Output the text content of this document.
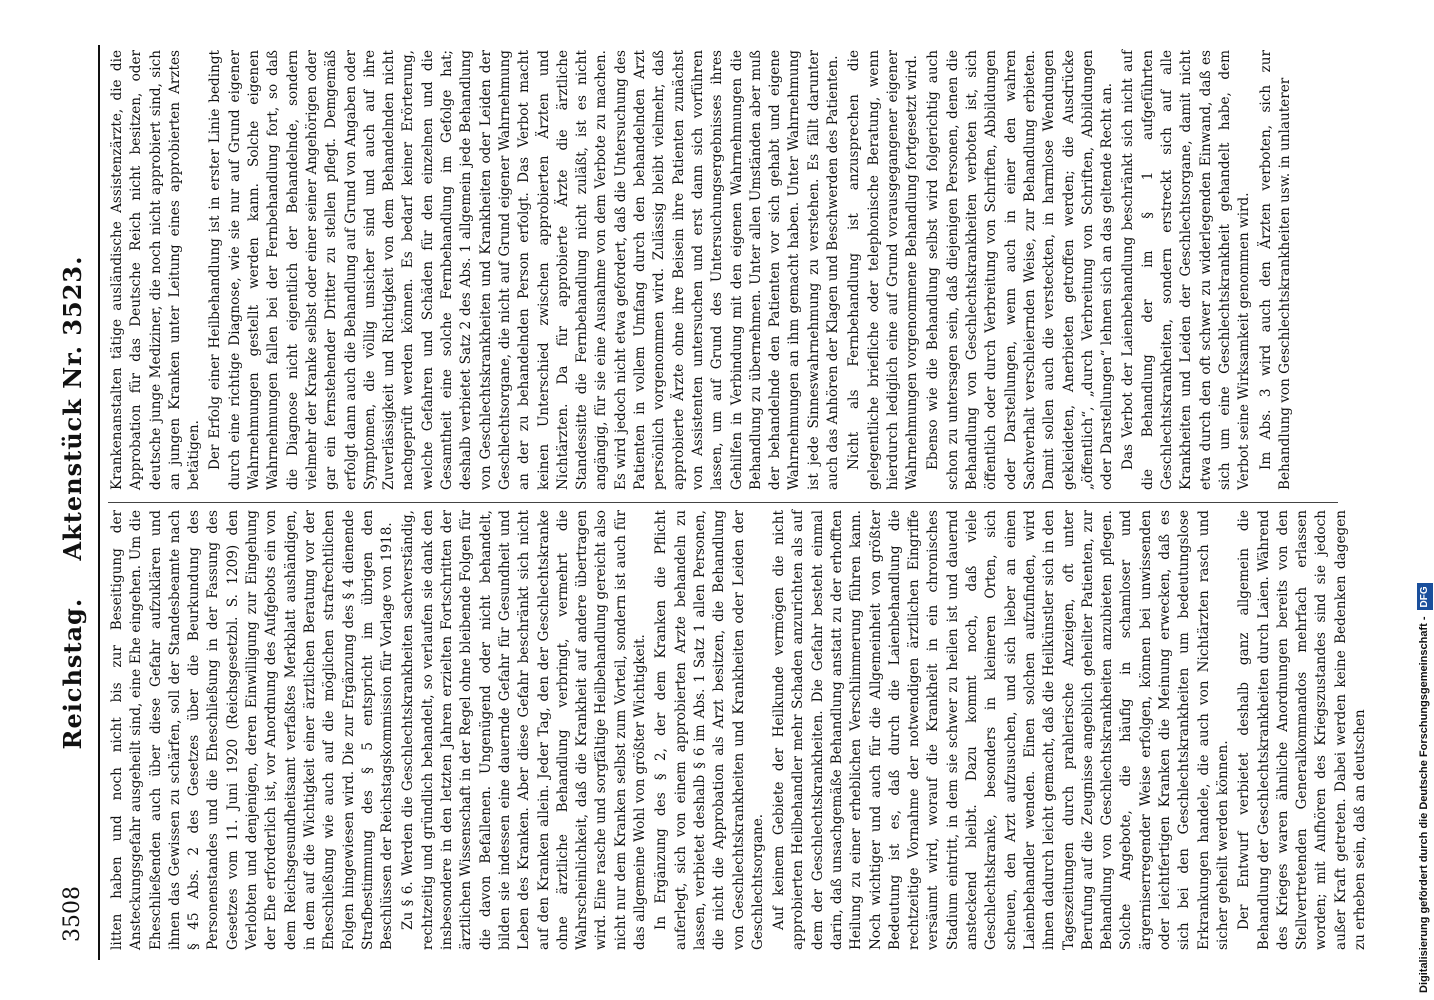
3508
Reichstag. Aktenstück Nr. 3523.

litten haben und noch nicht bis zur Beseitigung der Ansteckungsgefahr ausgeheilt sind, eine Ehe eingehen. Um die Eheschließenden auch über diese Gefahr aufzuklären und ihnen das Gewissen zu schärfen, soll der Standesbeamte nach § 45 Abs. 2 des Gesetzes über die Beurkundung des Personenstandes und die Eheschließung in der Fassung des Gesetzes vom 11. Juni 1920 (Reichsgesetzbl. S. 1209) den Verlobten und denjenigen, deren Einwilligung zur Eingehung der Ehe erforderlich ist, vor Anordnung des Aufgebots ein von dem Reichsgesundheitsamt verfaßtes Merkblatt aushändigen, in dem auf die Wichtigkeit einer ärztlichen Beratung vor der Eheschließung wie auch auf die möglichen strafrechtlichen Folgen hingewiesen wird. Die zur Ergänzung des § 4 dienende Strafbestimmung des § 5 entspricht im übrigen den Beschlüssen der Reichstagskommission für Vorlage von 1918. Zu § 6. Werden die Geschlechtskrankheiten sachverständig, rechtzeitig und gründlich behandelt, so verlaufen sie dank den insbesondere in den letzten Jahren erzielten Fortschritten der ärztlichen Wissenschaft in der Regel ohne bleibende Folgen für die davon Befallenen. Ungenügend oder nicht behandelt, bilden sie indessen eine dauernde Gefahr für Gesundheit und Leben des Kranken. Aber diese Gefahr beschränkt sich nicht auf den Kranken allein. Jeder Tag, den der Geschlechtskranke ohne ärztliche Behandlung verbringt, vermehrt die Wahrscheinlichkeit, daß die Krankheit auf andere übertragen wird. Eine rasche und sorgfältige Heilbehandlung gereicht also nicht nur dem Kranken selbst zum Vorteil, sondern ist auch für das allgemeine Wohl von größter Wichtigkeit. In Ergänzung des § 2, der dem Kranken die Pflicht auferlegt, sich von einem approbierten Arzte behandeln zu lassen, verbietet deshalb § 6 im Abs. 1 Satz 1 allen Personen, die nicht die Approbation als Arzt besitzen, die Behandlung von Geschlechtskrankheiten und Krankheiten oder Leiden der Geschlechtsorgane. Auf keinem Gebiete der Heilkunde vermögen die nicht approbierten Heilbehandler mehr Schaden anzurichten als auf dem der Geschlechtskrankheiten. Die Gefahr besteht einmal darin, daß unsachgemäße Behandlung anstatt zu der erhofften Heilung zu einer erheblichen Verschlimmerung führen kann. Noch wichtiger und auch für die Allgemeinheit von größter Bedeutung ist es, daß durch die Laienbehandlung die rechtzeitige Vornahme der notwendigen ärztlichen Eingriffe versäumt wird, worauf die Krankheit in ein chronisches Stadium eintritt, in dem sie schwer zu heilen ist und dauernd ansteckend bleibt. Dazu kommt noch, daß viele Geschlechtskranke, besonders in kleineren Orten, sich scheuen, den Arzt aufzusuchen, und sich lieber an einen Laienbehandler wenden. Einen solchen aufzufinden, wird ihnen dadurch leicht gemacht, daß die Heilkünstler sich in den Tageszeitungen durch prahlerische Anzeigen, oft unter Berufung auf die Zeugnisse angeblich geheilter Patienten, zur Behandlung von Geschlechtskrankheiten anzubieten pflegen. Solche Angebote, die häufig in schamloser und ärgerniserregender Weise erfolgen, können bei unwissenden oder leichtfertigen Kranken die Meinung erwecken, daß es sich bei den Geschlechtskrankheiten um bedeutungslose Erkrankungen handele, die auch von Nichtärzten rasch und sicher geheilt werden können. Der Entwurf verbietet deshalb ganz allgemein die Behandlung der Geschlechtskrankheiten durch Laien. Während des Krieges waren ähnliche Anordnungen bereits von den Stellvertretenden Generalkommandos mehrfach erlassen worden; mit Aufhören des Kriegszustandes sind sie jedoch außer Kraft getreten. Dabei werden keine Bedenken dagegen zu erheben sein, daß an deutschen

Krankenanstalten tätige ausländische Assistenzärzte, die die Approbation für das Deutsche Reich nicht besitzen, oder deutsche junge Mediziner, die noch nicht approbiert sind, sich an jungen Kranken unter Leitung eines approbierten Arztes betätigen. Der Erfolg einer Heilbehandlung ist in erster Linie bedingt durch eine richtige Diagnose, wie sie nur auf Grund eigener Wahrnehmungen gestellt werden kann. Solche eigenen Wahrnehmungen fallen bei der Fernbehandlung fort, so daß die Diagnose nicht eigentlich der Behandelnde, sondern vielmehr der Kranke selbst oder einer seiner Angehörigen oder gar ein fernstehender Dritter zu stellen pflegt. Demgemäß erfolgt dann auch die Behandlung auf Grund von Angaben oder Symptomen, die völlig unsicher sind und auch auf ihre Zuverlässigkeit und Richtigkeit von dem Behandelnden nicht nachgeprüft werden können. Es bedarf keiner Erörterung, welche Gefahren und Schäden für den einzelnen und die Gesamtheit eine solche Fernbehandlung im Gefolge hat; deshalb verbietet Satz 2 des Abs. 1 allgemein jede Behandlung von Geschlechtskrankheiten und Krankheiten oder Leiden der Geschlechtsorgane, die nicht auf Grund eigener Wahrnehmung an der zu behandelnden Person erfolgt. Das Verbot macht keinen Unterschied zwischen approbierten Ärzten und Nichtärzten. Da für approbierte Ärzte die ärztliche Standessitte die Fernbehandlung nicht zuläßt, ist es nicht angängig, für sie eine Ausnahme von dem Verbote zu machen. Es wird jedoch nicht etwa gefordert, daß die Untersuchung des Patienten in vollem Umfang durch den behandelnden Arzt persönlich vorgenommen wird. Zulässig bleibt vielmehr, daß approbierte Ärzte ohne ihre Beisein ihre Patienten zunächst von Assistenten untersuchen und erst dann sich vorführen lassen, um auf Grund des Untersuchungsergebnisses ihres Gehilfen in Verbindung mit den eigenen Wahrnehmungen die Behandlung zu übernehmen. Unter allen Umständen aber muß der behandelnde den Patienten vor sich gehabt und eigene Wahrnehmungen an ihm gemacht haben. Unter Wahrnehmung ist jede Sinneswahrnehmung zu verstehen. Es fällt darunter auch das Anhören der Klagen und Beschwerden des Patienten. Nicht als Fernbehandlung ist anzusprechen die gelegentliche briefliche oder telephonische Beratung, wenn hierdurch lediglich eine auf Grund vorausgegangener eigener Wahrnehmungen vorgenommene Behandlung fortgesetzt wird. Ebenso wie die Behandlung selbst wird folgerichtig auch schon zu untersagen sein, daß diejenigen Personen, denen die Behandlung von Geschlechtskrankheiten verboten ist, sich öffentlich oder durch Verbreitung von Schriften, Abbildungen oder Darstellungen, wenn auch in einer den wahren Sachverhalt verschleiernden Weise, zur Behandlung erbieten. Damit sollen auch die versteckten, in harmlose Wendungen gekleideten, Anerbieten getroffen werden; die Ausdrücke „öffentlich“, „durch Verbreitung von Schriften, Abbildungen oder Darstellungen“ lehnen sich an das geltende Recht an. Das Verbot der Laienbehandlung beschränkt sich nicht auf die Behandlung der im § 1 aufgeführten Geschlechtskrankheiten, sondern erstreckt sich auf alle Krankheiten und Leiden der Geschlechtsorgane, damit nicht etwa durch den oft schwer zu widerlegenden Einwand, daß es sich um eine Geschlechtskrankheit gehandelt habe, dem Verbot seine Wirksamkeit genommen wird. Im Abs. 3 wird auch den Ärzten verboten, sich zur Behandlung von Geschlechtskrankheiten usw. in unlauterer

Digitalisierung gefördert durch die Deutsche Forschungsgemeinschaft -DFG
